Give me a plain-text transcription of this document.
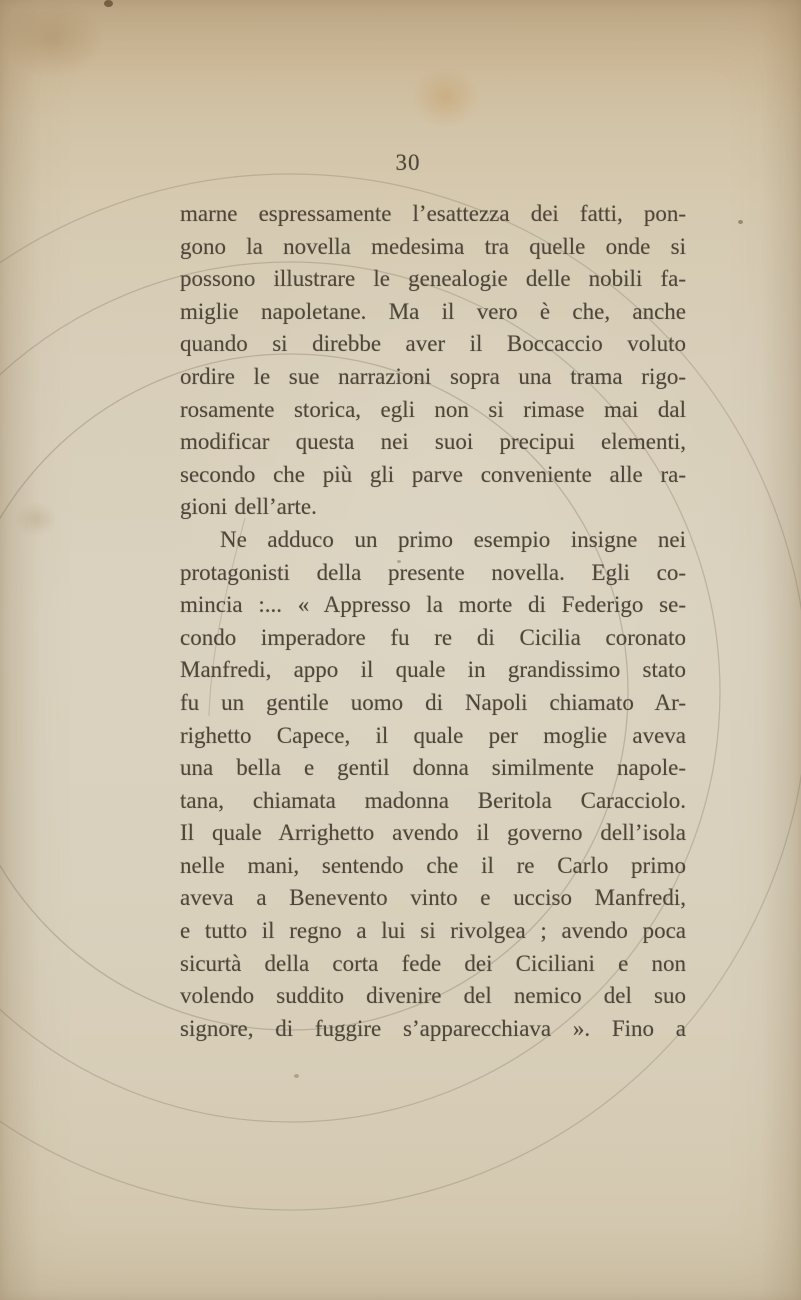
30
marne espressamente l’esattezza dei fatti, pon-
gono la novella medesima tra quelle onde si
possono illustrare le genealogie delle nobili fa-
miglie napoletane. Ma il vero è che, anche
quando si direbbe aver il Boccaccio voluto
ordire le sue narrazioni sopra una trama rigo-
rosamente storica, egli non si rimase mai dal
modificar questa nei suoi precipui elementi,
secondo che più gli parve conveniente alle ra-
gioni dell’arte.
Ne adduco un primo esempio insigne nei
protagonisti della presente novella. Egli co-
mincia :... « Appresso la morte di Federigo se-
condo imperadore fu re di Cicilia coronato
Manfredi, appo il quale in grandissimo stato
fu un gentile uomo di Napoli chiamato Ar-
righetto Capece, il quale per moglie aveva
una bella e gentil donna similmente napole-
tana, chiamata madonna Beritola Caracciolo.
Il quale Arrighetto avendo il governo dell’isola
nelle mani, sentendo che il re Carlo primo
aveva a Benevento vinto e ucciso Manfredi,
e tutto il regno a lui si rivolgea ; avendo poca
sicurtà della corta fede dei Ciciliani e non
volendo suddito divenire del nemico del suo
signore, di fuggire s’apparecchiava ». Fino a
